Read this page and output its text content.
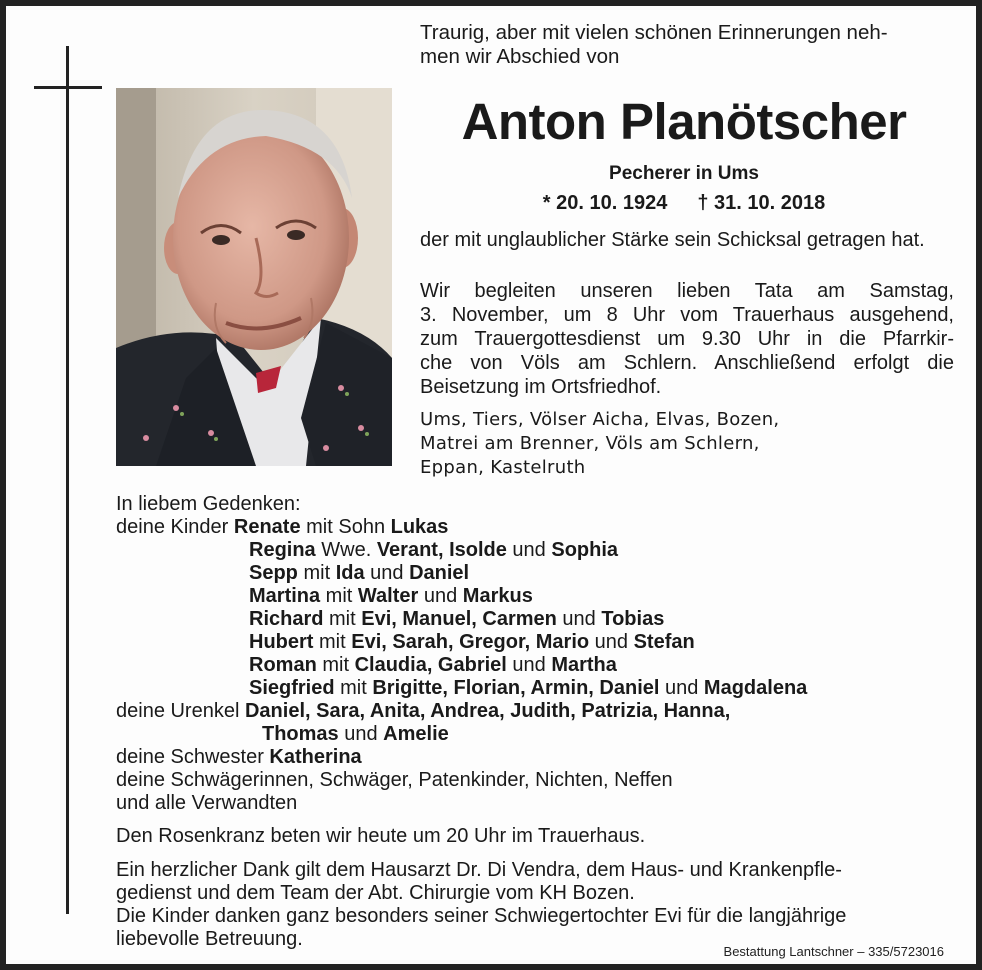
Traurig, aber mit vielen schönen Erinnerungen neh-
men wir Abschied von

Anton Planötscher

Pecherer in Ums

* 20. 10. 1924 † 31. 10. 2018

der mit unglaublicher Stärke sein Schicksal getragen hat.

Wir begleiten unseren lieben Tata am Samstag,
3. November, um 8 Uhr vom Trauerhaus ausgehend,
zum Trauergottesdienst um 9.30 Uhr in die Pfarrkir-
che von Völs am Schlern. Anschließend erfolgt die
Beisetzung im Ortsfriedhof.

Ums, Tiers, Völser Aicha, Elvas, Bozen,
Matrei am Brenner, Völs am Schlern,
Eppan, Kastelruth

In liebem Gedenken:
deine Kinder Renate mit Sohn Lukas
Regina Wwe. Verant, Isolde und Sophia
Sepp mit Ida und Daniel
Martina mit Walter und Markus
Richard mit Evi, Manuel, Carmen und Tobias
Hubert mit Evi, Sarah, Gregor, Mario und Stefan
Roman mit Claudia, Gabriel und Martha
Siegfried mit Brigitte, Florian, Armin, Daniel und Magdalena
deine Urenkel Daniel, Sara, Anita, Andrea, Judith, Patrizia, Hanna,
Thomas und Amelie
deine Schwester Katherina
deine Schwägerinnen, Schwäger, Patenkinder, Nichten, Neffen
und alle Verwandten

Den Rosenkranz beten wir heute um 20 Uhr im Trauerhaus.

Ein herzlicher Dank gilt dem Hausarzt Dr. Di Vendra, dem Haus- und Krankenpfle-
gedienst und dem Team der Abt. Chirurgie vom KH Bozen.
Die Kinder danken ganz besonders seiner Schwiegertochter Evi für die langjährige
liebevolle Betreuung.

Bestattung Lantschner – 335/5723016
